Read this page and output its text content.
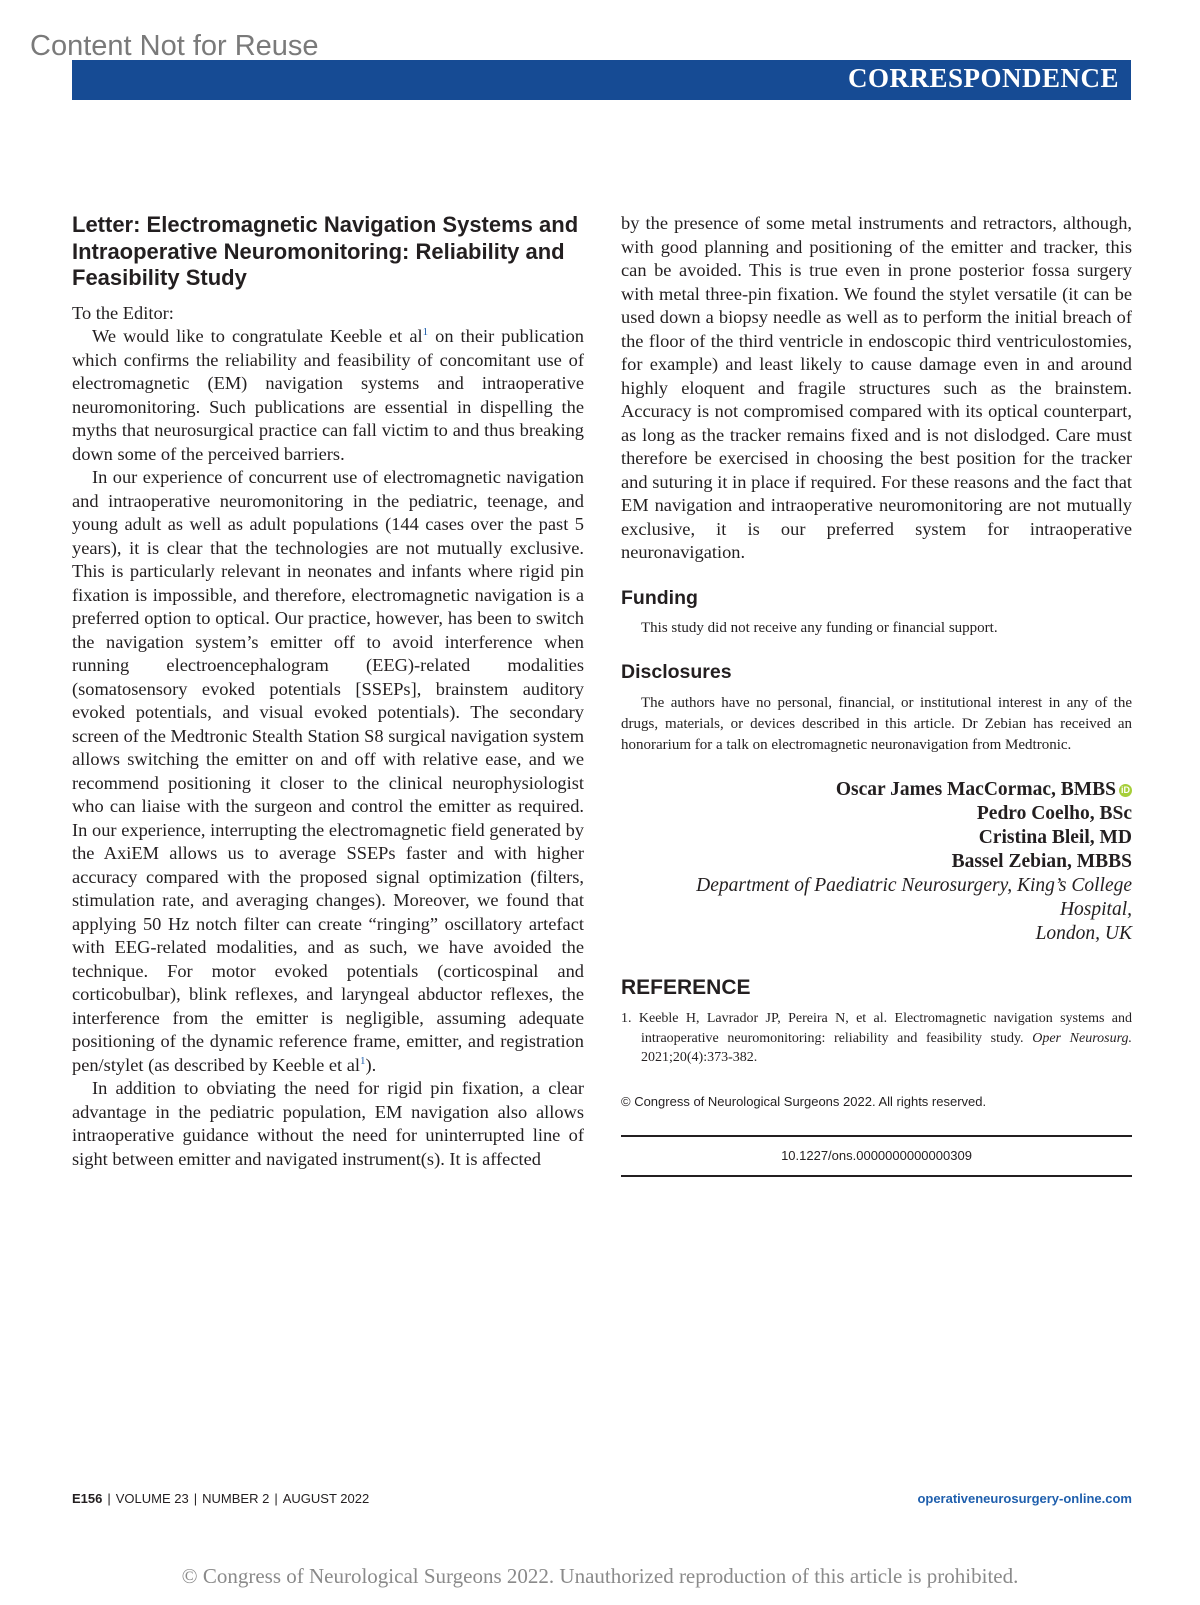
Content Not for Reuse
CORRESPONDENCE
Letter: Electromagnetic Navigation Systems and Intraoperative Neuromonitoring: Reliability and Feasibility Study

To the Editor:

We would like to congratulate Keeble et $al^1$ on their publication which confirms the reliability and feasibility of concomitant use of electromagnetic (EM) navigation systems and intraoperative neuromonitoring. Such publications are essential in dispelling the myths that neurosurgical practice can fall victim to and thus breaking down some of the perceived barriers.

In our experience of concurrent use of electromagnetic navigation and intraoperative neuromonitoring in the pediatric, teenage, and young adult as well as adult populations (144 cases over the past 5 years), it is clear that the technologies are not mutually exclusive. This is particularly relevant in neonates and infants where rigid pin fixation is impossible, and therefore, electromagnetic navigation is a preferred option to optical. Our practice, however, has been to switch the navigation system’s emitter off to avoid interference when running electroencephalogram (EEG)-related modalities (somatosensory evoked potentials [SSEPs], brainstem auditory evoked potentials, and visual evoked potentials). The secondary screen of the Medtronic Stealth Station S8 surgical navigation system allows switching the emitter on and off with relative ease, and we recommend positioning it closer to the clinical neurophysiologist who can liaise with the surgeon and control the emitter as required. In our experience, interrupting the electromagnetic field generated by the AxiEM allows us to average SSEPs faster and with higher accuracy compared with the proposed signal optimization (filters, stimulation rate, and averaging changes). Moreover, we found that applying 50 Hz notch filter can create “ringing” oscillatory artefact with EEG-related modalities, and as such, we have avoided the technique. For motor evoked potentials (corticospinal and corticobulbar), blink reflexes, and laryngeal abductor reflexes, the interference from the emitter is negligible, assuming adequate positioning of the dynamic reference frame, emitter, and registration pen/stylet (as described by Keeble et $al^1$).

In addition to obviating the need for rigid pin fixation, a clear advantage in the pediatric population, EM navigation also allows intraoperative guidance without the need for uninterrupted line of sight between emitter and navigated instrument(s). It is affected

by the presence of some metal instruments and retractors, although, with good planning and positioning of the emitter and tracker, this can be avoided. This is true even in prone posterior fossa surgery with metal three-pin fixation. We found the stylet versatile (it can be used down a biopsy needle as well as to perform the initial breach of the floor of the third ventricle in endoscopic third ventriculostomies, for example) and least likely to cause damage even in and around highly eloquent and fragile structures such as the brainstem. Accuracy is not compromised compared with its optical counterpart, as long as the tracker remains fixed and is not dislodged. Care must therefore be exercised in choosing the best position for the tracker and suturing it in place if required. For these reasons and the fact that EM navigation and intraoperative neuromonitoring are not mutually exclusive, it is our preferred system for intraoperative neuronavigation.

Funding

This study did not receive any funding or financial support.

Disclosures

The authors have no personal, financial, or institutional interest in any of the drugs, materials, or devices described in this article. Dr Zebian has received an honorarium for a talk on electromagnetic neuronavigation from Medtronic.

Oscar James MacCormac, BMBS iD
Pedro Coelho, BSc
Cristina Bleil, MD
Bassel Zebian, MBBS
Department of Paediatric Neurosurgery, King’s College Hospital,
London, UK
REFERENCE

1. Keeble H, Lavrador JP, Pereira N, et al. Electromagnetic navigation systems and intraoperative neuromonitoring: reliability and feasibility study. Oper Neurosurg. 2021;20(4):373-382.

© Congress of Neurological Surgeons 2022. All rights reserved.

10.1227/ons.0000000000000309
E156 | VOLUME 23 | NUMBER 2 | AUGUST 2022	operativeneurosurgery-online.com
© Congress of Neurological Surgeons 2022. Unauthorized reproduction of this article is prohibited.
